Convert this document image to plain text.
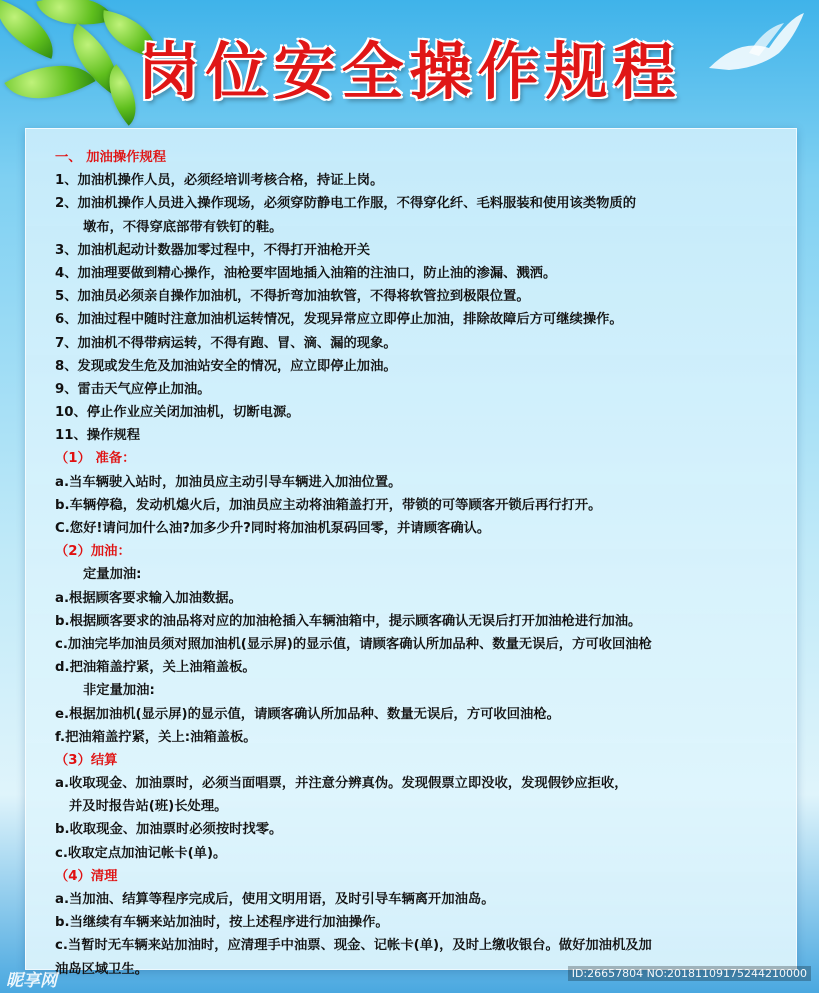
岗位安全操作规程
一、 加油操作规程
1、加油机操作人员，必须经培训考核合格，持证上岗。
2、加油机操作人员进入操作现场，必须穿防静电工作服，不得穿化纤、毛料服装和使用该类物质的
墩布，不得穿底部带有铁钉的鞋。
3、加油机起动计数器加零过程中，不得打开油枪开关
4、加油理要做到精心操作，油枪要牢固地插入油箱的注油口，防止油的渗漏、溅洒。
5、加油员必须亲自操作加油机，不得折弯加油软管，不得将软管拉到极限位置。
6、加油过程中随时注意加油机运转情况，发现异常应立即停止加油，排除故障后方可继续操作。
7、加油机不得带病运转，不得有跑、冒、滴、漏的现象。
8、发现或发生危及加油站安全的情况，应立即停止加油。
9、雷击天气应停止加油。
10、停止作业应关闭加油机，切断电源。
11、操作规程
（1） 准备：
a.当车辆驶入站时，加油员应主动引导车辆进入加油位置。
b.车辆停稳，发动机熄火后，加油员应主动将油箱盖打开，带锁的可等顾客开锁后再行打开。
C.您好!请问加什么油?加多少升?同时将加油机泵码回零，并请顾客确认。
（2）加油：
定量加油:
a.根据顾客要求输入加油数据。
b.根据顾客要求的油品将对应的加油枪插入车辆油箱中，提示顾客确认无误后打开加油枪进行加油。
c.加油完毕加油员须对照加油机(显示屏)的显示值，请顾客确认所加品种、数量无误后，方可收回油枪
d.把油箱盖拧紧，关上油箱盖板。
非定量加油:
e.根据加油机(显示屏)的显示值，请顾客确认所加品种、数量无误后，方可收回油枪。
f.把油箱盖拧紧，关上:油箱盖板。
（3）结算
a.收取现金、加油票时，必须当面唱票，并注意分辨真伪。发现假票立即没收，发现假钞应拒收，
并及时报告站(班)长处理。
b.收取现金、加油票时必须按时找零。
c.收取定点加油记帐卡(单)。
（4）清理
a.当加油、结算等程序完成后，使用文明用语，及时引导车辆离开加油岛。
b.当继续有车辆来站加油时，按上述程序进行加油操作。
c.当暂时无车辆来站加油时，应清理手中油票、现金、记帐卡(单)，及时上缴收银台。做好加油机及加
油岛区域卫生。
昵享网	ID:26657804 NO:20181109175244210000
